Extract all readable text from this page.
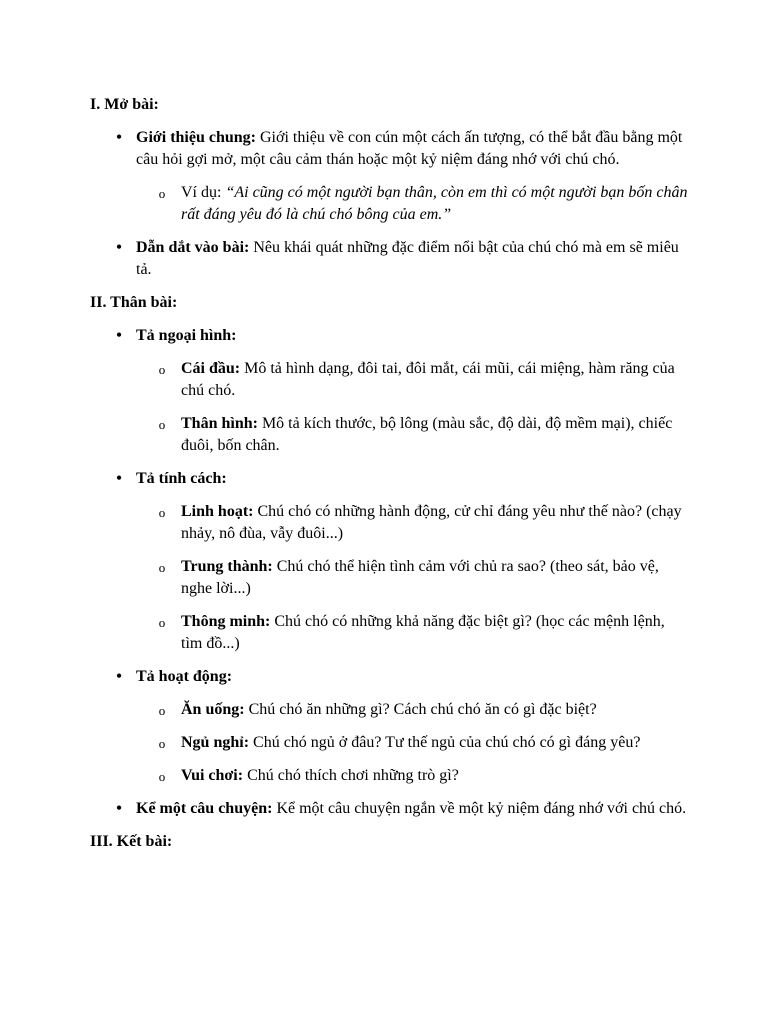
I. Mở bài:
• Giới thiệu chung: Giới thiệu về con cún một cách ấn tượng, có thể bắt đầu bằng một câu hỏi gợi mở, một câu cảm thán hoặc một kỷ niệm đáng nhớ với chú chó.
o Ví dụ: “Ai cũng có một người bạn thân, còn em thì có một người bạn bốn chân rất đáng yêu đó là chú chó bông của em.”
• Dẫn dắt vào bài: Nêu khái quát những đặc điểm nổi bật của chú chó mà em sẽ miêu tả.
II. Thân bài:
• Tả ngoại hình:
o Cái đầu: Mô tả hình dạng, đôi tai, đôi mắt, cái mũi, cái miệng, hàm răng của chú chó.
o Thân hình: Mô tả kích thước, bộ lông (màu sắc, độ dài, độ mềm mại), chiếc đuôi, bốn chân.
• Tả tính cách:
o Linh hoạt: Chú chó có những hành động, cử chỉ đáng yêu như thế nào? (chạy nhảy, nô đùa, vẫy đuôi...)
o Trung thành: Chú chó thể hiện tình cảm với chủ ra sao? (theo sát, bảo vệ, nghe lời...)
o Thông minh: Chú chó có những khả năng đặc biệt gì? (học các mệnh lệnh, tìm đồ...)
• Tả hoạt động:
o Ăn uống: Chú chó ăn những gì? Cách chú chó ăn có gì đặc biệt?
o Ngủ nghỉ: Chú chó ngủ ở đâu? Tư thế ngủ của chú chó có gì đáng yêu?
o Vui chơi: Chú chó thích chơi những trò gì?
• Kể một câu chuyện: Kể một câu chuyện ngắn về một kỷ niệm đáng nhớ với chú chó.
III. Kết bài:
